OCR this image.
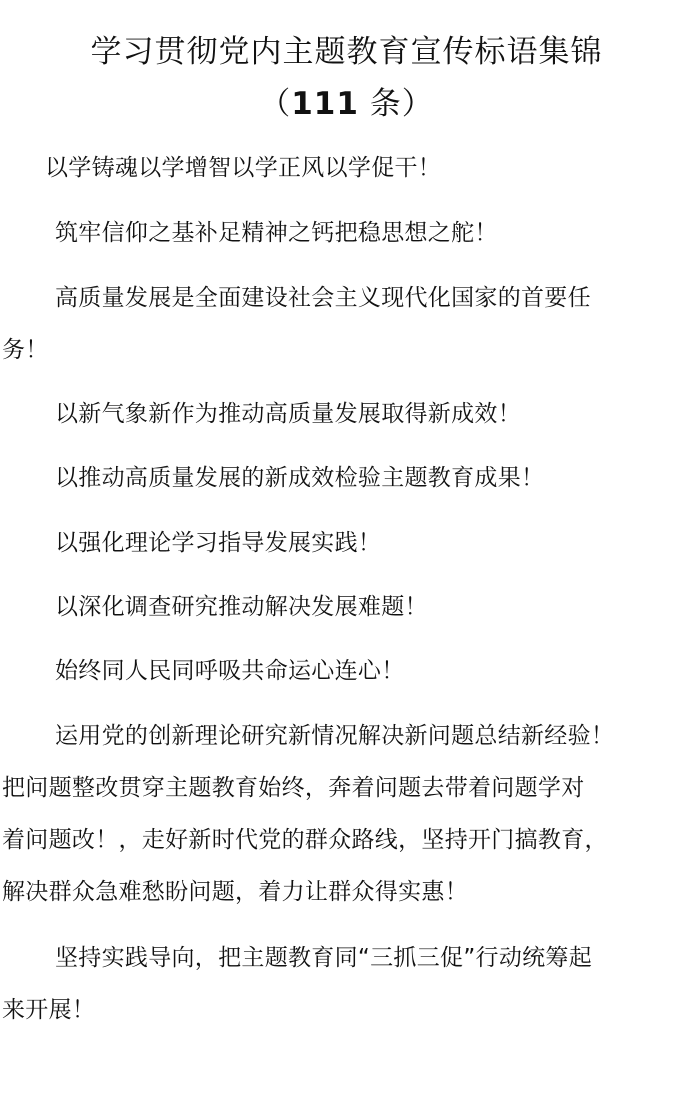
学习贯彻党内主题教育宣传标语集锦
（111 条）
以学铸魂以学增智以学正风以学促干！
筑牢信仰之基补足精神之钙把稳思想之舵！
高质量发展是全面建设社会主义现代化国家的首要任
务！
以新气象新作为推动高质量发展取得新成效！
以推动高质量发展的新成效检验主题教育成果！
以强化理论学习指导发展实践！
以深化调查研究推动解决发展难题！
始终同人民同呼吸共命运心连心！
运用党的创新理论研究新情况解决新问题总结新经验！
把问题整改贯穿主题教育始终，奔着问题去带着问题学对
着问题改！，走好新时代党的群众路线，坚持开门搞教育，
解决群众急难愁盼问题，着力让群众得实惠！
坚持实践导向，把主题教育同“三抓三促”行动统筹起
来开展！
